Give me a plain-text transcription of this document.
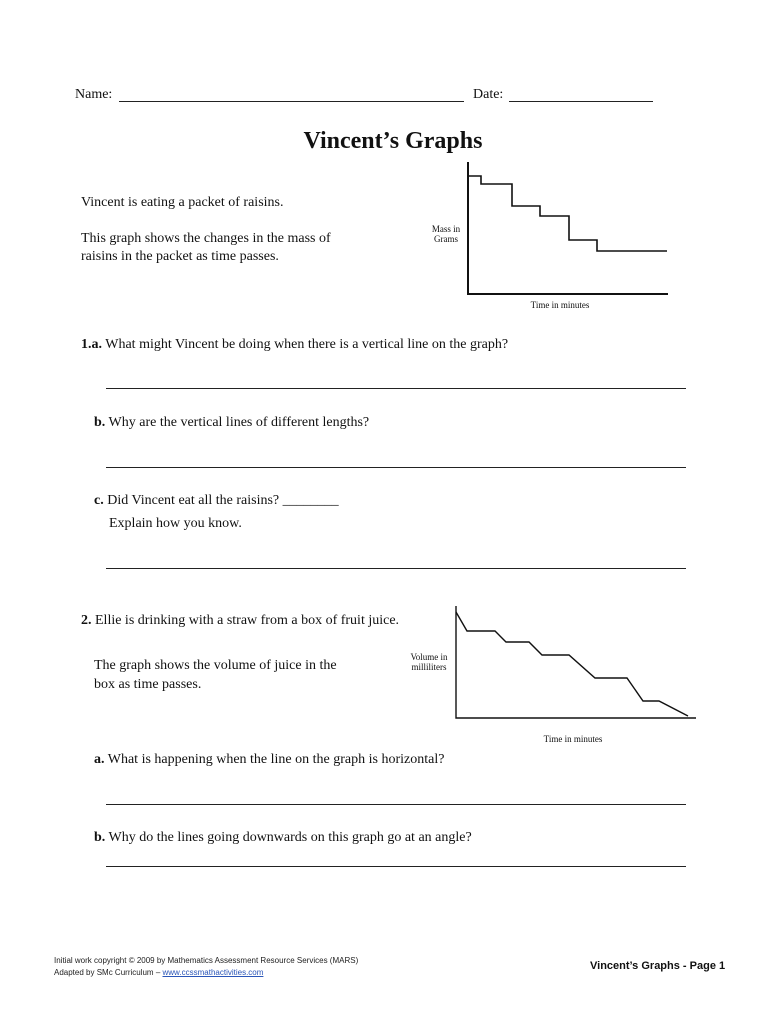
Name:	Date:
Vincent’s Graphs
Vincent is eating a packet of raisins.
This graph shows the changes in the mass of
raisins in the packet as time passes.
Mass in
Grams
Time in minutes
1.a. What might Vincent be doing when there is a vertical line on the graph?
b. Why are the vertical lines of different lengths?
c. Did Vincent eat all the raisins? ________
Explain how you know.
2. Ellie is drinking with a straw from a box of fruit juice.
The graph shows the volume of juice in the
box as time passes.
Volume in
milliliters
Time in minutes
a. What is happening when the line on the graph is horizontal?
b. Why do the lines going downwards on this graph go at an angle?
Initial work copyright © 2009 by Mathematics Assessment Resource Services (MARS)
Adapted by SMc Curriculum – www.ccssmathactivities.com
Vincent’s Graphs - Page 1
